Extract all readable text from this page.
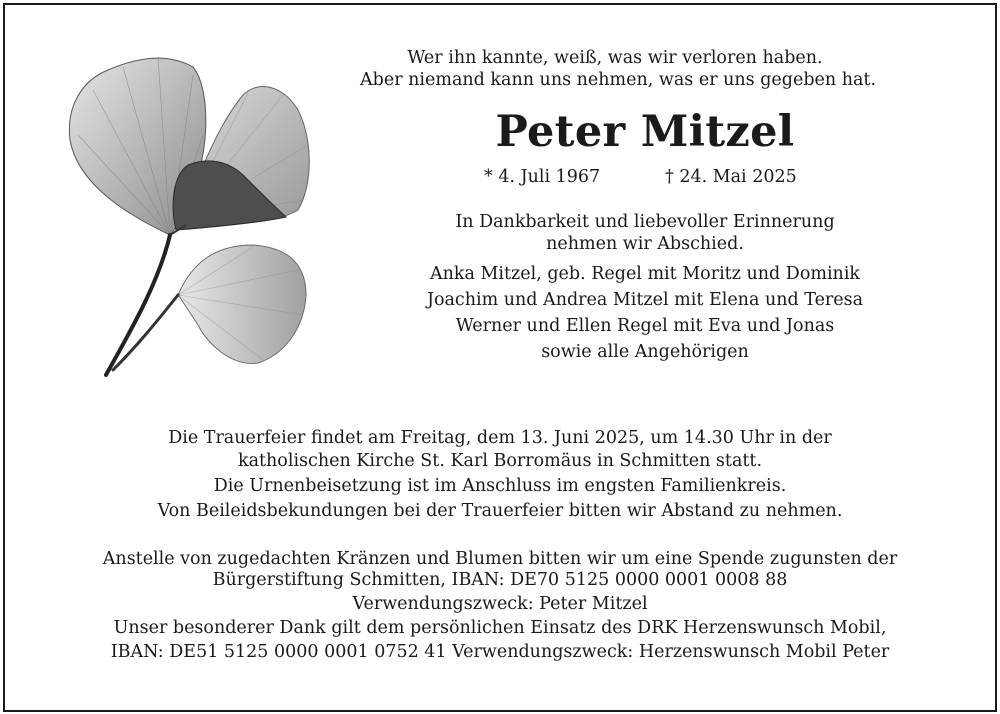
Wer ihn kannte, weiß, was wir verloren haben.
Aber niemand kann uns nehmen, was er uns gegeben hat.
Peter Mitzel
* 4. Juli 1967	† 24. Mai 2025
In Dankbarkeit und liebevoller Erinnerung
nehmen wir Abschied.
Anka Mitzel, geb. Regel mit Moritz und Dominik
Joachim und Andrea Mitzel mit Elena und Teresa
Werner und Ellen Regel mit Eva und Jonas
sowie alle Angehörigen
Die Trauerfeier findet am Freitag, dem 13. Juni 2025, um 14.30 Uhr in der
katholischen Kirche St. Karl Borromäus in Schmitten statt.
Die Urnenbeisetzung ist im Anschluss im engsten Familienkreis.
Von Beileidsbekundungen bei der Trauerfeier bitten wir Abstand zu nehmen.
Anstelle von zugedachten Kränzen und Blumen bitten wir um eine Spende zugunsten der
Bürgerstiftung Schmitten, IBAN: DE70 5125 0000 0001 0008 88
Verwendungszweck: Peter Mitzel
Unser besonderer Dank gilt dem persönlichen Einsatz des DRK Herzenswunsch Mobil,
IBAN: DE51 5125 0000 0001 0752 41 Verwendungszweck: Herzenswunsch Mobil Peter
